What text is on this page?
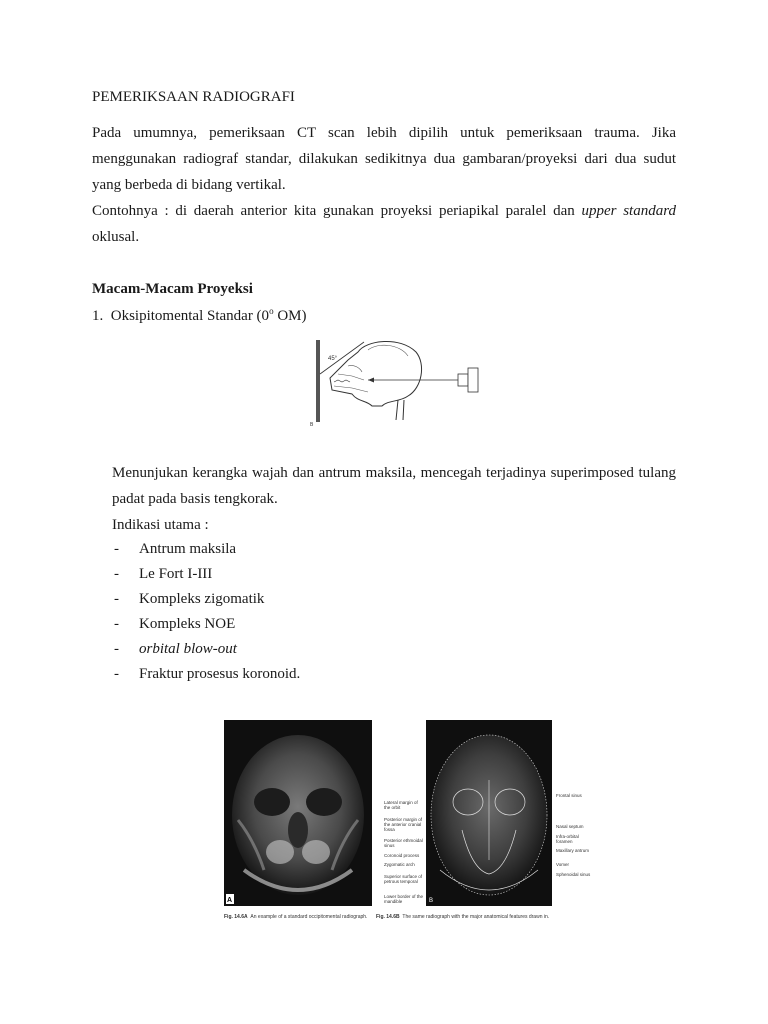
PEMERIKSAAN RADIOGRAFI

Pada umumnya, pemeriksaan CT scan lebih dipilih untuk pemeriksaan trauma. Jika menggunakan radiograf standar, dilakukan sedikitnya dua gambaran/proyeksi dari dua sudut yang berbeda di bidang vertikal.

Contohnya : di daerah anterior kita gunakan proyeksi periapikal paralel dan upper standard oklusal.

Macam-Macam Proyeksi

1. Oksipitomental Standar (0$^o$ OM)

45°
B

Menunjukan kerangka wajah dan antrum maksila, mencegah terjadinya superimposed tulang padat pada basis tengkorak.

Indikasi utama :

-	Antrum maksila
-	Le Fort I-III
-	Kompleks zigomatik
-	Kompleks NOE
-	orbital blow-out
-	Fraktur prosesus koronoid.
A	B
Lateral margin of the orbit
Posterior margin of the anterior cranial fossa
Posterior ethmoidal sinus
Coronoid process
Zygomatic arch
Superior surface of petrous temporal
Lower border of the mandible
Frontal sinus
Nasal septum
Infra-orbital foramen
Maxillary antrum
Vomer
Sphenoidal sinus
Fig. 14.6A An example of a standard occipitomental radiograph. Fig. 14.6B The same radiograph with the major anatomical features drawn in.
